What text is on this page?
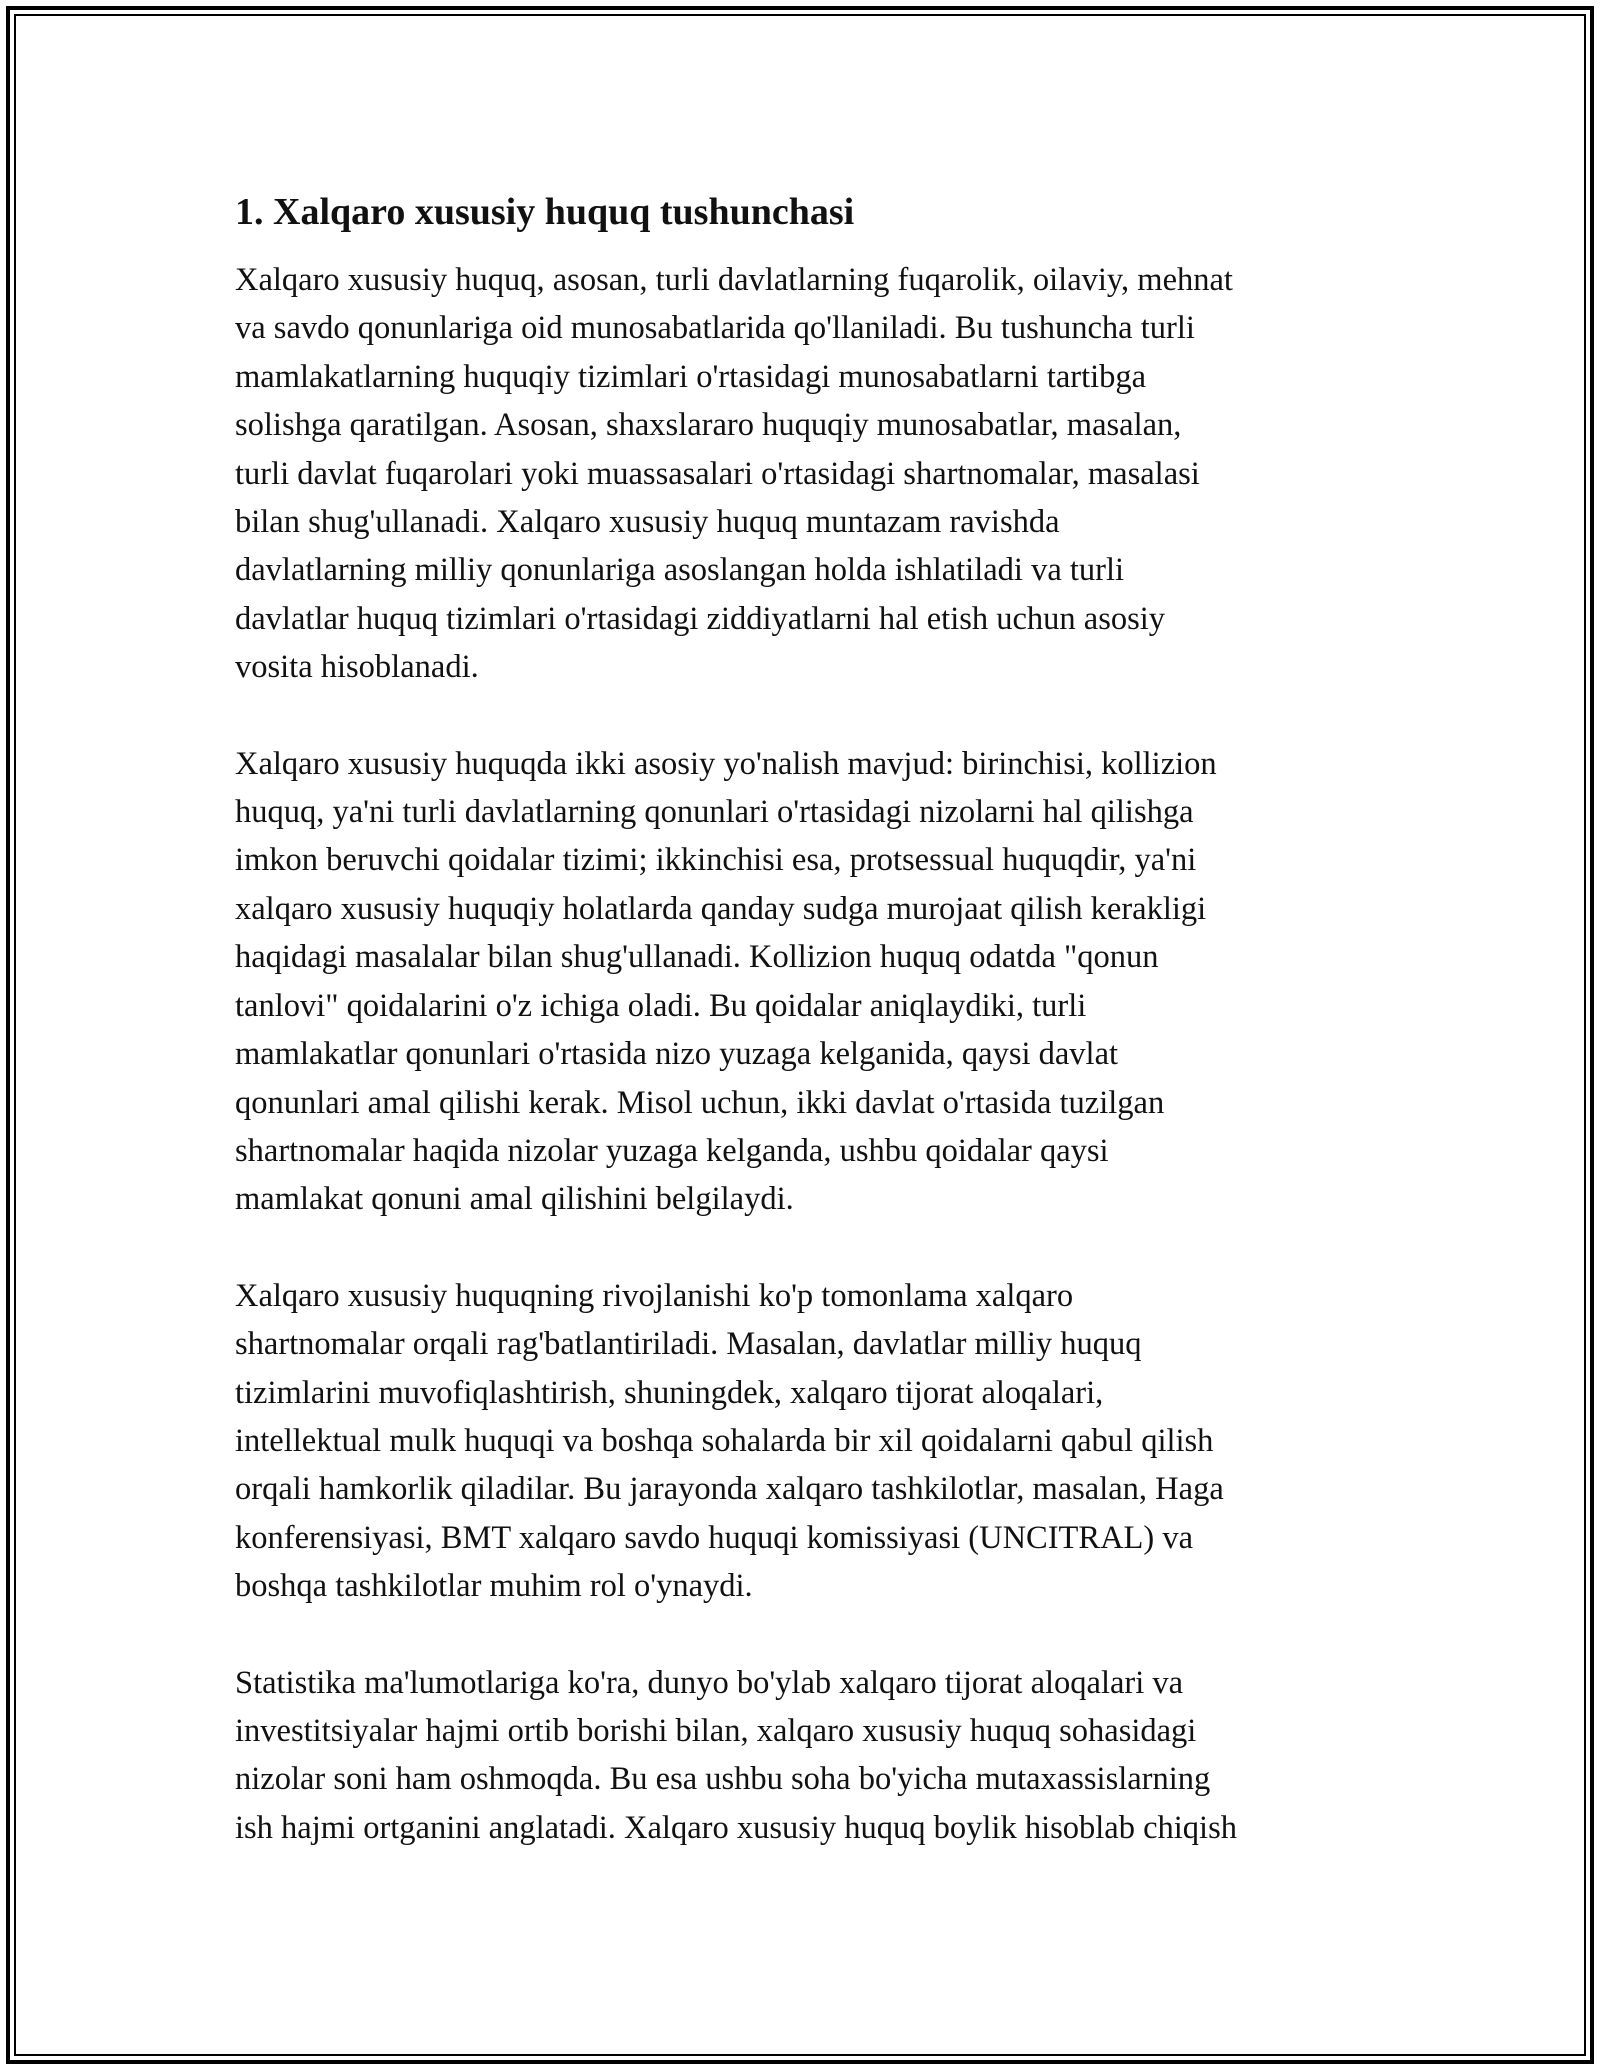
1. Xalqaro xususiy huquq tushunchasi
Xalqaro xususiy huquq, asosan, turli davlatlarning fuqarolik, oilaviy, mehnat
va savdo qonunlariga oid munosabatlarida qo'llaniladi. Bu tushuncha turli
mamlakatlarning huquqiy tizimlari o'rtasidagi munosabatlarni tartibga
solishga qaratilgan. Asosan, shaxslararo huquqiy munosabatlar, masalan,
turli davlat fuqarolari yoki muassasalari o'rtasidagi shartnomalar, masalasi
bilan shug'ullanadi. Xalqaro xususiy huquq muntazam ravishda
davlatlarning milliy qonunlariga asoslangan holda ishlatiladi va turli
davlatlar huquq tizimlari o'rtasidagi ziddiyatlarni hal etish uchun asosiy
vosita hisoblanadi.
Xalqaro xususiy huquqda ikki asosiy yo'nalish mavjud: birinchisi, kollizion
huquq, ya'ni turli davlatlarning qonunlari o'rtasidagi nizolarni hal qilishga
imkon beruvchi qoidalar tizimi; ikkinchisi esa, protsessual huquqdir, ya'ni
xalqaro xususiy huquqiy holatlarda qanday sudga murojaat qilish kerakligi
haqidagi masalalar bilan shug'ullanadi. Kollizion huquq odatda "qonun
tanlovi" qoidalarini o'z ichiga oladi. Bu qoidalar aniqlaydiki, turli
mamlakatlar qonunlari o'rtasida nizo yuzaga kelganida, qaysi davlat
qonunlari amal qilishi kerak. Misol uchun, ikki davlat o'rtasida tuzilgan
shartnomalar haqida nizolar yuzaga kelganda, ushbu qoidalar qaysi
mamlakat qonuni amal qilishini belgilaydi.
Xalqaro xususiy huquqning rivojlanishi ko'p tomonlama xalqaro
shartnomalar orqali rag'batlantiriladi. Masalan, davlatlar milliy huquq
tizimlarini muvofiqlashtirish, shuningdek, xalqaro tijorat aloqalari,
intellektual mulk huquqi va boshqa sohalarda bir xil qoidalarni qabul qilish
orqali hamkorlik qiladilar. Bu jarayonda xalqaro tashkilotlar, masalan, Haga
konferensiyasi, BMT xalqaro savdo huquqi komissiyasi (UNCITRAL) va
boshqa tashkilotlar muhim rol o'ynaydi.
Statistika ma'lumotlariga ko'ra, dunyo bo'ylab xalqaro tijorat aloqalari va
investitsiyalar hajmi ortib borishi bilan, xalqaro xususiy huquq sohasidagi
nizolar soni ham oshmoqda. Bu esa ushbu soha bo'yicha mutaxassislarning
ish hajmi ortganini anglatadi. Xalqaro xususiy huquq boylik hisoblab chiqish
